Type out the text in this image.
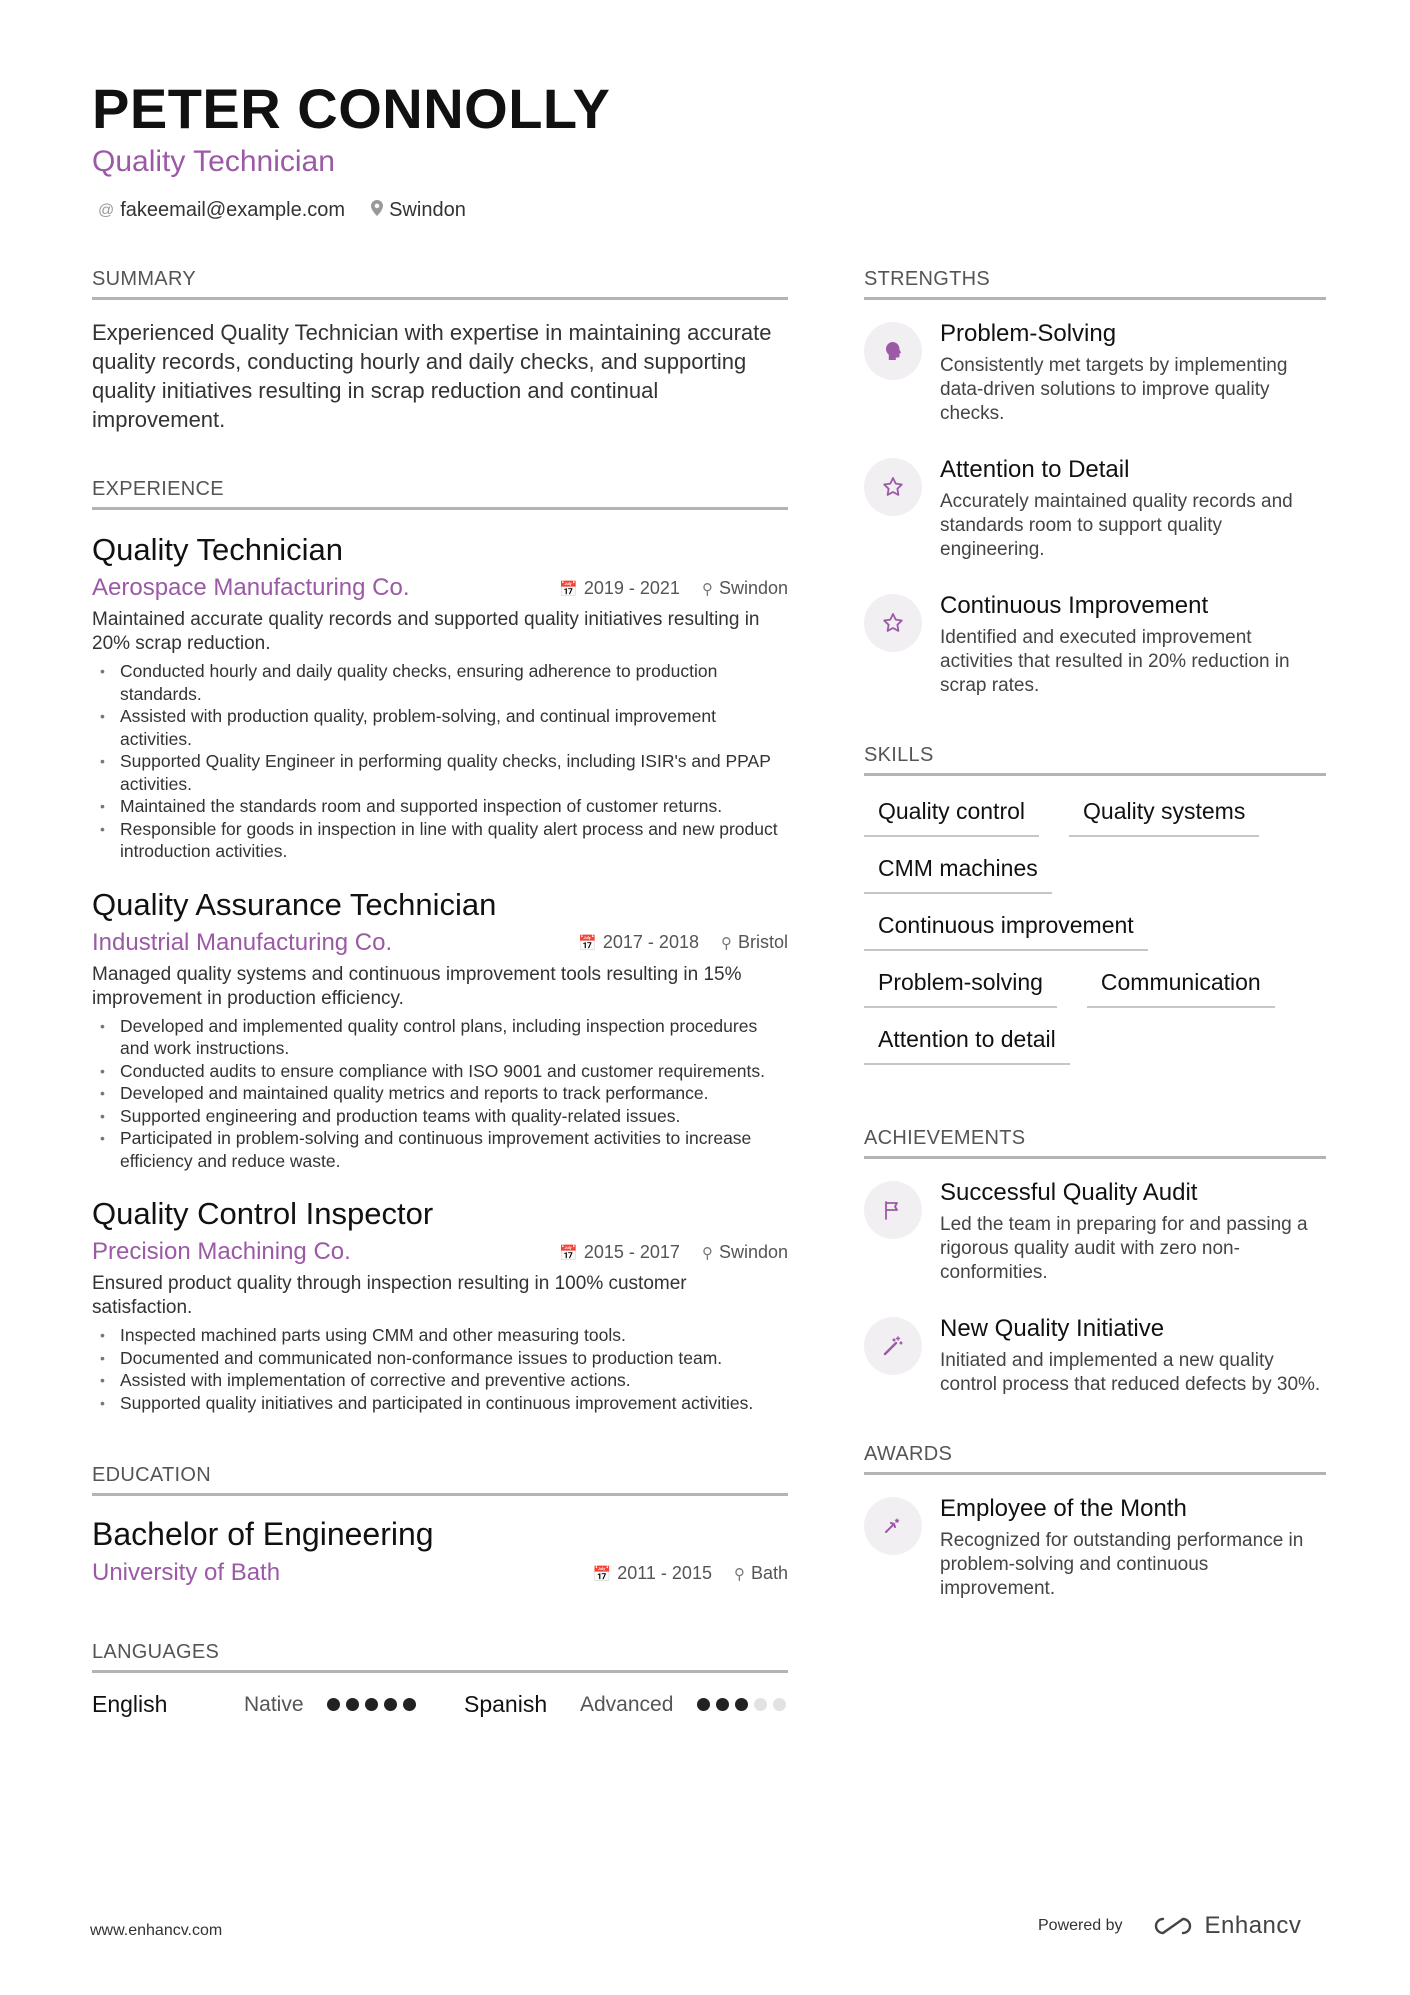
PETER CONNOLLY
Quality Technician
@ fakeemail@example.com Swindon
SUMMARY
Experienced Quality Technician with expertise in maintaining accurate quality records, conducting hourly and daily checks, and supporting quality initiatives resulting in scrap reduction and continual improvement.
EXPERIENCE
Quality Technician
Aerospace Manufacturing Co.	📅 2019 - 2021 ⚲ Swindon
Maintained accurate quality records and supported quality initiatives resulting in 20% scrap reduction.
• Conducted hourly and daily quality checks, ensuring adherence to production standards.
• Assisted with production quality, problem-solving, and continual improvement activities.
• Supported Quality Engineer in performing quality checks, including ISIR's and PPAP activities.
• Maintained the standards room and supported inspection of customer returns.
• Responsible for goods in inspection in line with quality alert process and new product introduction activities.
Quality Assurance Technician
Industrial Manufacturing Co.	📅 2017 - 2018 ⚲ Bristol
Managed quality systems and continuous improvement tools resulting in 15% improvement in production efficiency.
• Developed and implemented quality control plans, including inspection procedures and work instructions.
• Conducted audits to ensure compliance with ISO 9001 and customer requirements.
• Developed and maintained quality metrics and reports to track performance.
• Supported engineering and production teams with quality-related issues.
• Participated in problem-solving and continuous improvement activities to increase efficiency and reduce waste.
Quality Control Inspector
Precision Machining Co.	📅 2015 - 2017 ⚲ Swindon
Ensured product quality through inspection resulting in 100% customer satisfaction.
• Inspected machined parts using CMM and other measuring tools.
• Documented and communicated non-conformance issues to production team.
• Assisted with implementation of corrective and preventive actions.
• Supported quality initiatives and participated in continuous improvement activities.
EDUCATION
Bachelor of Engineering
University of Bath	📅 2011 - 2015 ⚲ Bath
LANGUAGES
English	Native	Spanish	Advanced
STRENGTHS
Problem-Solving
Consistently met targets by implementing data-driven solutions to improve quality checks.
Attention to Detail
Accurately maintained quality records and standards room to support quality engineering.
Continuous Improvement
Identified and executed improvement activities that resulted in 20% reduction in scrap rates.
SKILLS
Quality control	Quality systems
CMM machines
Continuous improvement
Problem-solving	Communication
Attention to detail
ACHIEVEMENTS
Successful Quality Audit
Led the team in preparing for and passing a rigorous quality audit with zero non-conformities.
New Quality Initiative
Initiated and implemented a new quality control process that reduced defects by 30%.
AWARDS
Employee of the Month
Recognized for outstanding performance in problem-solving and continuous improvement.
www.enhancv.com	Powered by	Enhancv
